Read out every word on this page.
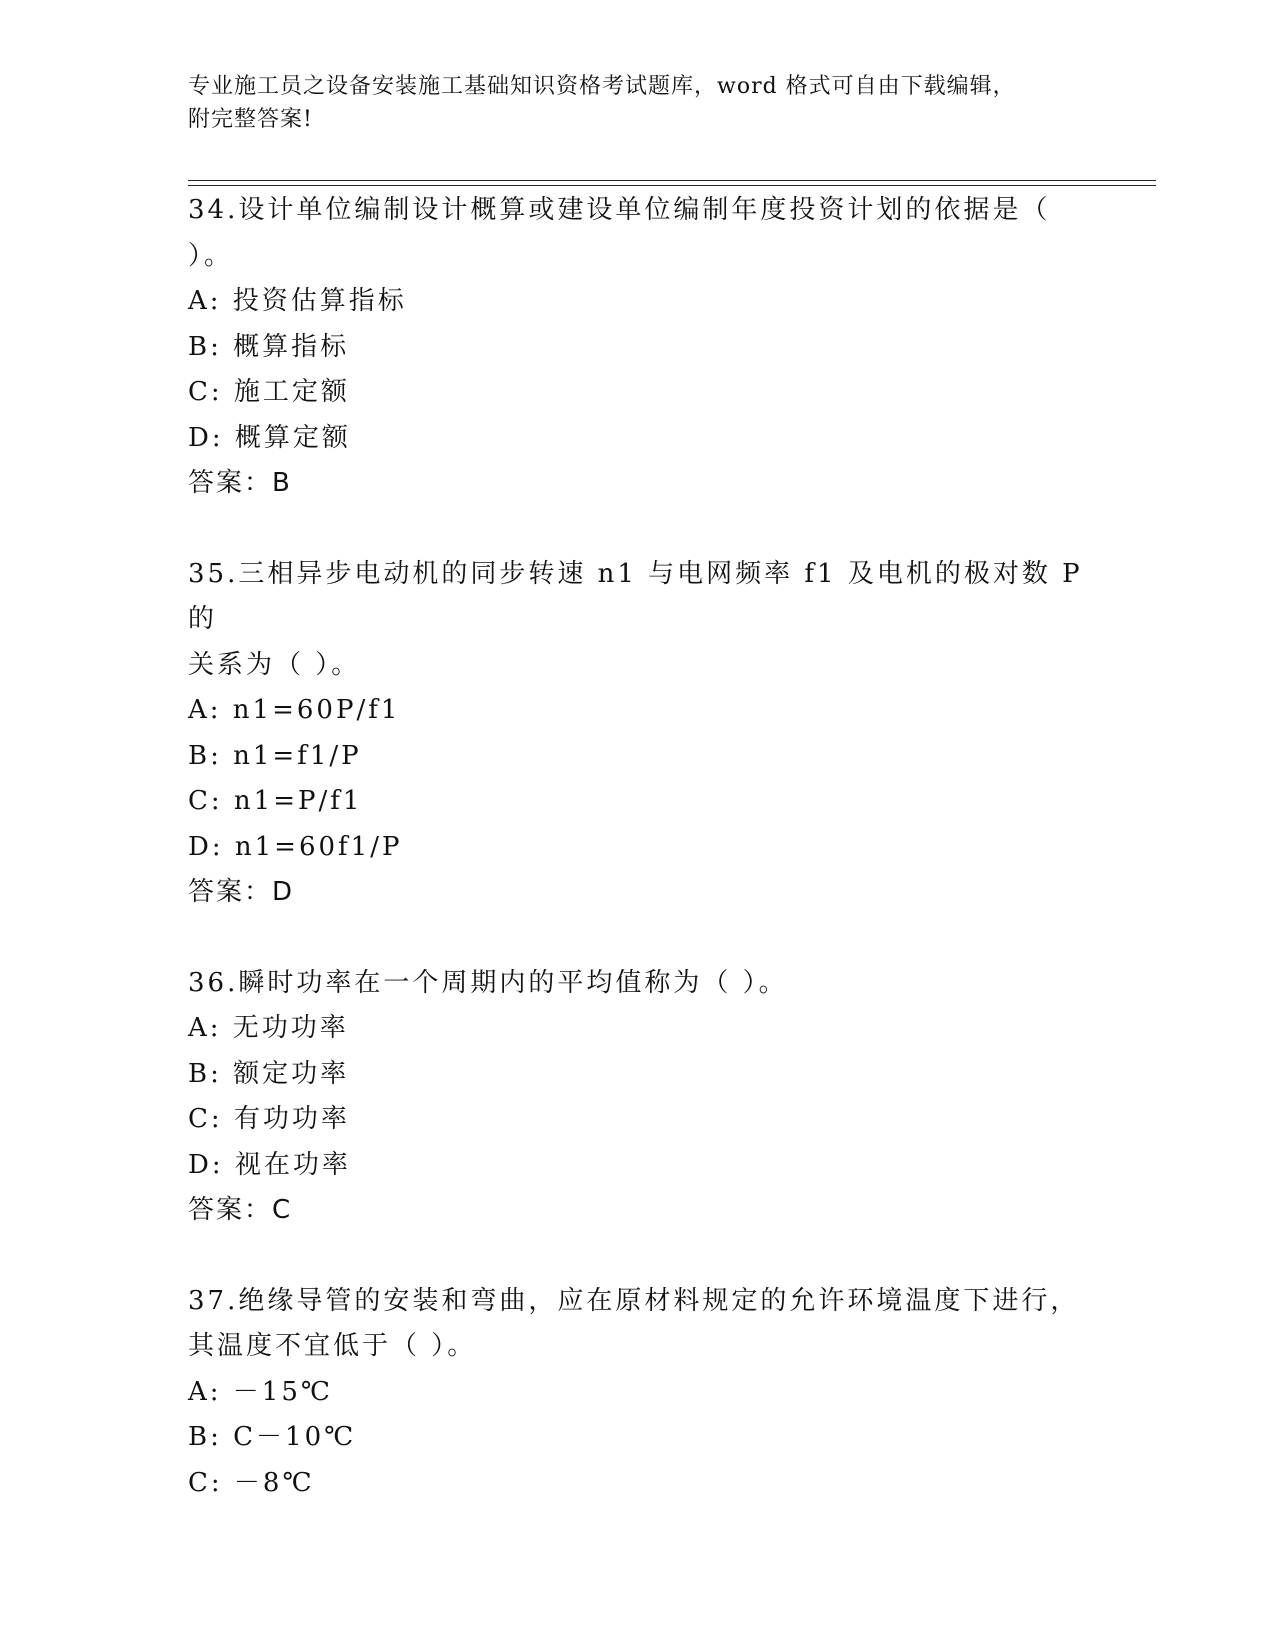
专业施工员之设备安装施工基础知识资格考试题库，word 格式可自由下载编辑，
附完整答案!
34.设计单位编制设计概算或建设单位编制年度投资计划的依据是（
）。
A: 投资估算指标
B: 概算指标
C: 施工定额
D: 概算定额
答案：B
35.三相异步电动机的同步转速 n1 与电网频率 f1 及电机的极对数 P 的
关系为（ ）。
A: n1=60P/f1
B: n1=f1/P
C: n1=P/f1
D: n1=60f1/P
答案：D
36.瞬时功率在一个周期内的平均值称为（ ）。
A: 无功功率
B: 额定功率
C: 有功功率
D: 视在功率
答案：C
37.绝缘导管的安装和弯曲，应在原材料规定的允许环境温度下进行，
其温度不宜低于（ ）。
A: －15℃
B: C－10℃
C: －8℃
